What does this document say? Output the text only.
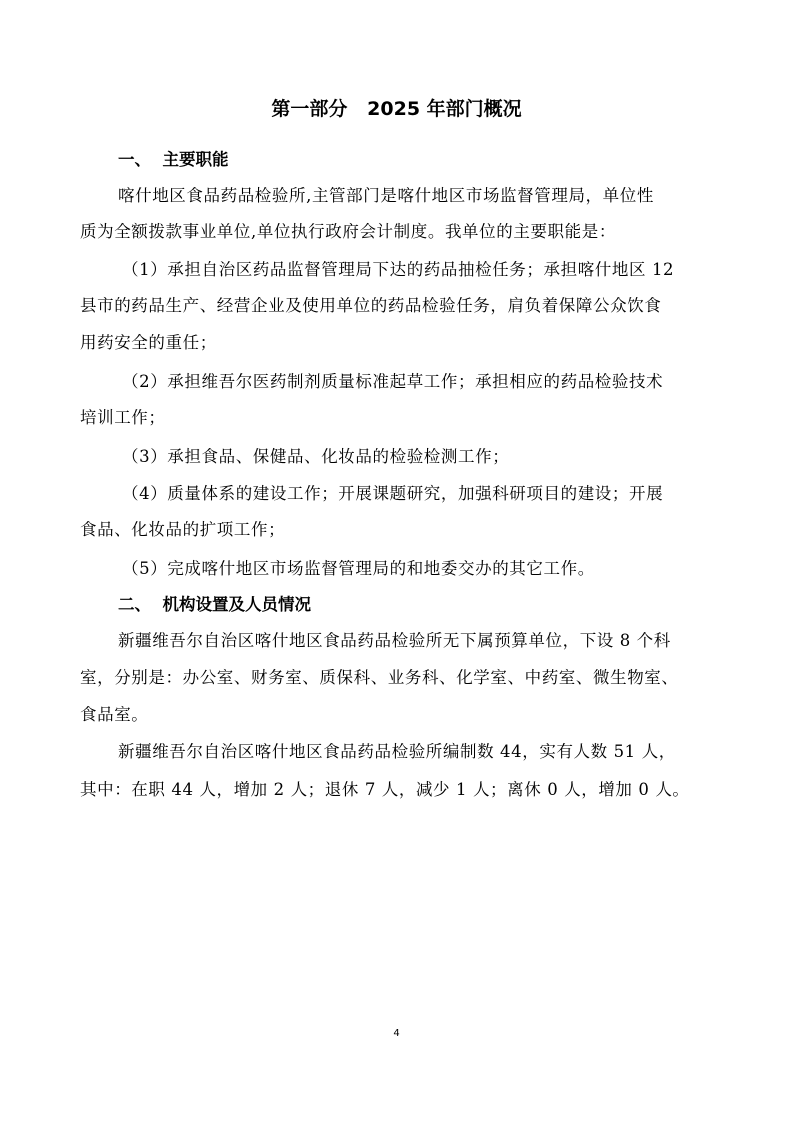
第一部分   2025 年部门概况
一、  主要职能
喀什地区食品药品检验所,主管部门是喀什地区市场监督管理局，单位性
质为全额拨款事业单位,单位执行政府会计制度。我单位的主要职能是：
（1）承担自治区药品监督管理局下达的药品抽检任务；承担喀什地区 12
县市的药品生产、经营企业及使用单位的药品检验任务，肩负着保障公众饮食
用药安全的重任；
（2）承担维吾尔医药制剂质量标准起草工作；承担相应的药品检验技术
培训工作；
（3）承担食品、保健品、化妆品的检验检测工作；
（4）质量体系的建设工作；开展课题研究，加强科研项目的建设；开展
食品、化妆品的扩项工作；
（5）完成喀什地区市场监督管理局的和地委交办的其它工作。
二、  机构设置及人员情况
新疆维吾尔自治区喀什地区食品药品检验所无下属预算单位，下设 8 个科
室，分别是：办公室、财务室、质保科、业务科、化学室、中药室、微生物室、
食品室。
新疆维吾尔自治区喀什地区食品药品检验所编制数 44，实有人数 51 人，
其中：在职 44 人，增加 2 人；退休 7 人，减少 1 人；离休 0 人，增加 0 人。
4
